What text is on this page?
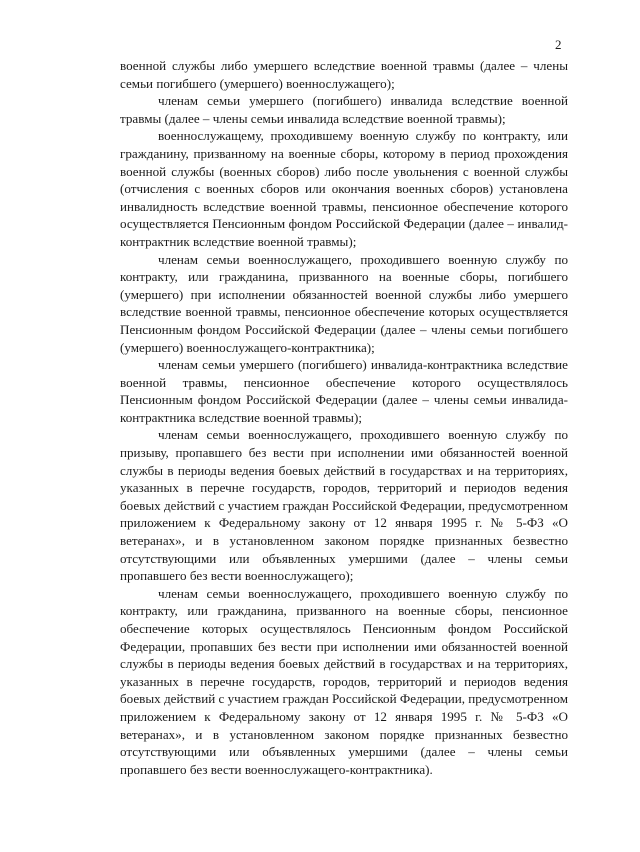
2

военной службы либо умершего вследствие военной травмы (далее – члены семьи погибшего (умершего) военнослужащего);

членам семьи умершего (погибшего) инвалида вследствие военной травмы (далее – члены семьи инвалида вследствие военной травмы);

военнослужащему, проходившему военную службу по контракту, или гражданину, призванному на военные сборы, которому в период прохождения военной службы (военных сборов) либо после увольнения с военной службы (отчисления с военных сборов или окончания военных сборов) установлена инвалидность вследствие военной травмы, пенсионное обеспечение которого осуществляется Пенсионным фондом Российской Федерации (далее – инвалид-контрактник вследствие военной травмы);

членам семьи военнослужащего, проходившего военную службу по контракту, или гражданина, призванного на военные сборы, погибшего (умершего) при исполнении обязанностей военной службы либо умершего вследствие военной травмы, пенсионное обеспечение которых осуществляется Пенсионным фондом Российской Федерации (далее – члены семьи погибшего (умершего) военнослужащего-контрактника);

членам семьи умершего (погибшего) инвалида-контрактника вследствие военной травмы, пенсионное обеспечение которого осуществлялось Пенсионным фондом Российской Федерации (далее – члены семьи инвалида-контрактника вследствие военной травмы);

членам семьи военнослужащего, проходившего военную службу по призыву, пропавшего без вести при исполнении ими обязанностей военной службы в периоды ведения боевых действий в государствах и на территориях, указанных в перечне государств, городов, территорий и периодов ведения боевых действий с участием граждан Российской Федерации, предусмотренном приложением к Федеральному закону от 12 января 1995 г. № 5-ФЗ «О ветеранах», и в установленном законом порядке признанных безвестно отсутствующими или объявленных умершими (далее – члены семьи пропавшего без вести военнослужащего);

членам семьи военнослужащего, проходившего военную службу по контракту, или гражданина, призванного на военные сборы, пенсионное обеспечение которых осуществлялось Пенсионным фондом Российской Федерации, пропавших без вести при исполнении ими обязанностей военной службы в периоды ведения боевых действий в государствах и на территориях, указанных в перечне государств, городов, территорий и периодов ведения боевых действий с участием граждан Российской Федерации, предусмотренном приложением к Федеральному закону от 12 января 1995 г. № 5-ФЗ «О ветеранах», и в установленном законом порядке признанных безвестно отсутствующими или объявленных умершими (далее – члены семьи пропавшего без вести военнослужащего-контрактника).
